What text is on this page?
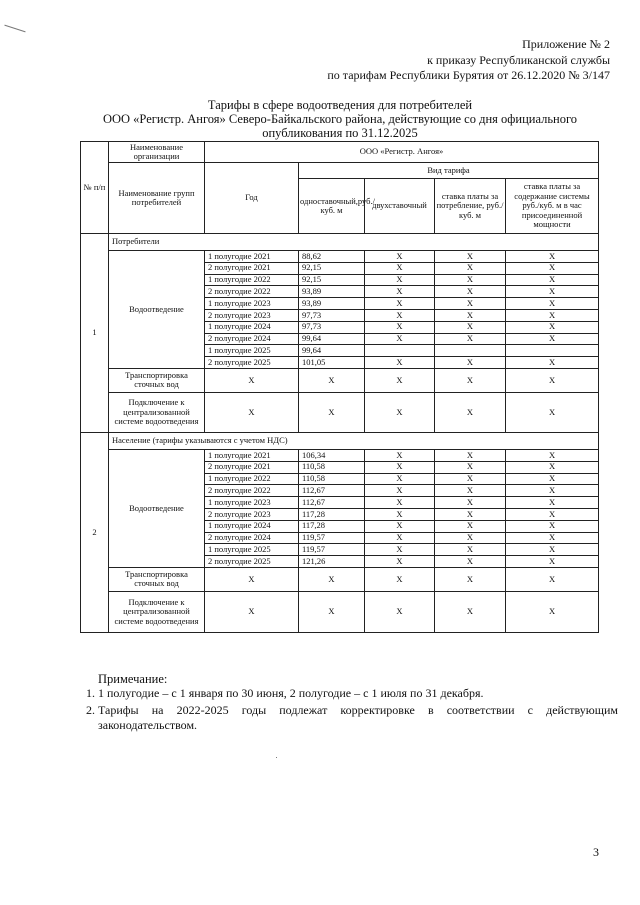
Приложение № 2
к приказу Республиканской службы
по тарифам Республики Бурятия от 26.12.2020 № 3/147
Тарифы в сфере водоотведения для потребителей
ООО «Регистр. Ангоя» Северо-Байкальского района, действующие со дня официального
опубликования по 31.12.2025
№ п/п	Наименование организации	ООО «Регистр. Ангоя»				
	Наименование групп потребителей	Год	Вид тарифа			
			одноставочный,руб./ куб. м	двухставочный	ставка платы за потребление, руб./ куб. м	ставка платы за содержание системы руб./куб. м в час присоединенной мощности
1	Потребители					
	Водоотведение	1 полугодие 2021	88,62	Х	Х	Х
		2 полугодие 2021	92,15	Х	Х	Х
		1 полугодие 2022	92,15	Х	Х	Х
		2 полугодие 2022	93,89	Х	Х	Х
		1 полугодие 2023	93,89	Х	Х	Х
		2 полугодие 2023	97,73	Х	Х	Х
		1 полугодие 2024	97,73	Х	Х	Х
		2 полугодие 2024	99,64	Х	Х	Х
		1 полугодие 2025	99,64			
		2 полугодие 2025	101,05	Х	Х	Х
	Транспортировка сточных вод	Х	Х	Х	Х	Х
	Подключение к централизованной системе водоотведения	Х	Х	Х	Х	Х
2	Население (тарифы указываются с учетом НДС)					
	Водоотведение	1 полугодие 2021	106,34	Х	Х	Х
		2 полугодие 2021	110,58	Х	Х	Х
		1 полугодие 2022	110,58	Х	Х	Х
		2 полугодие 2022	112,67	Х	Х	Х
		1 полугодие 2023	112,67	Х	Х	Х
		2 полугодие 2023	117,28	Х	Х	Х
		1 полугодие 2024	117,28	Х	Х	Х
		2 полугодие 2024	119,57	Х	Х	Х
		1 полугодие 2025	119,57	Х	Х	Х
		2 полугодие 2025	121,26	Х	Х	Х
	Транспортировка сточных вод	Х	Х	Х	Х	Х
	Подключение к централизованной системе водоотведения	Х	Х	Х	Х	Х
Примечание:
1. 1 полугодие – с 1 января по 30 июня, 2 полугодие – с 1 июля по 31 декабря.
2. Тарифы на 2022-2025 годы подлежат корректировке в соответствии с действующим законодательством.
3
